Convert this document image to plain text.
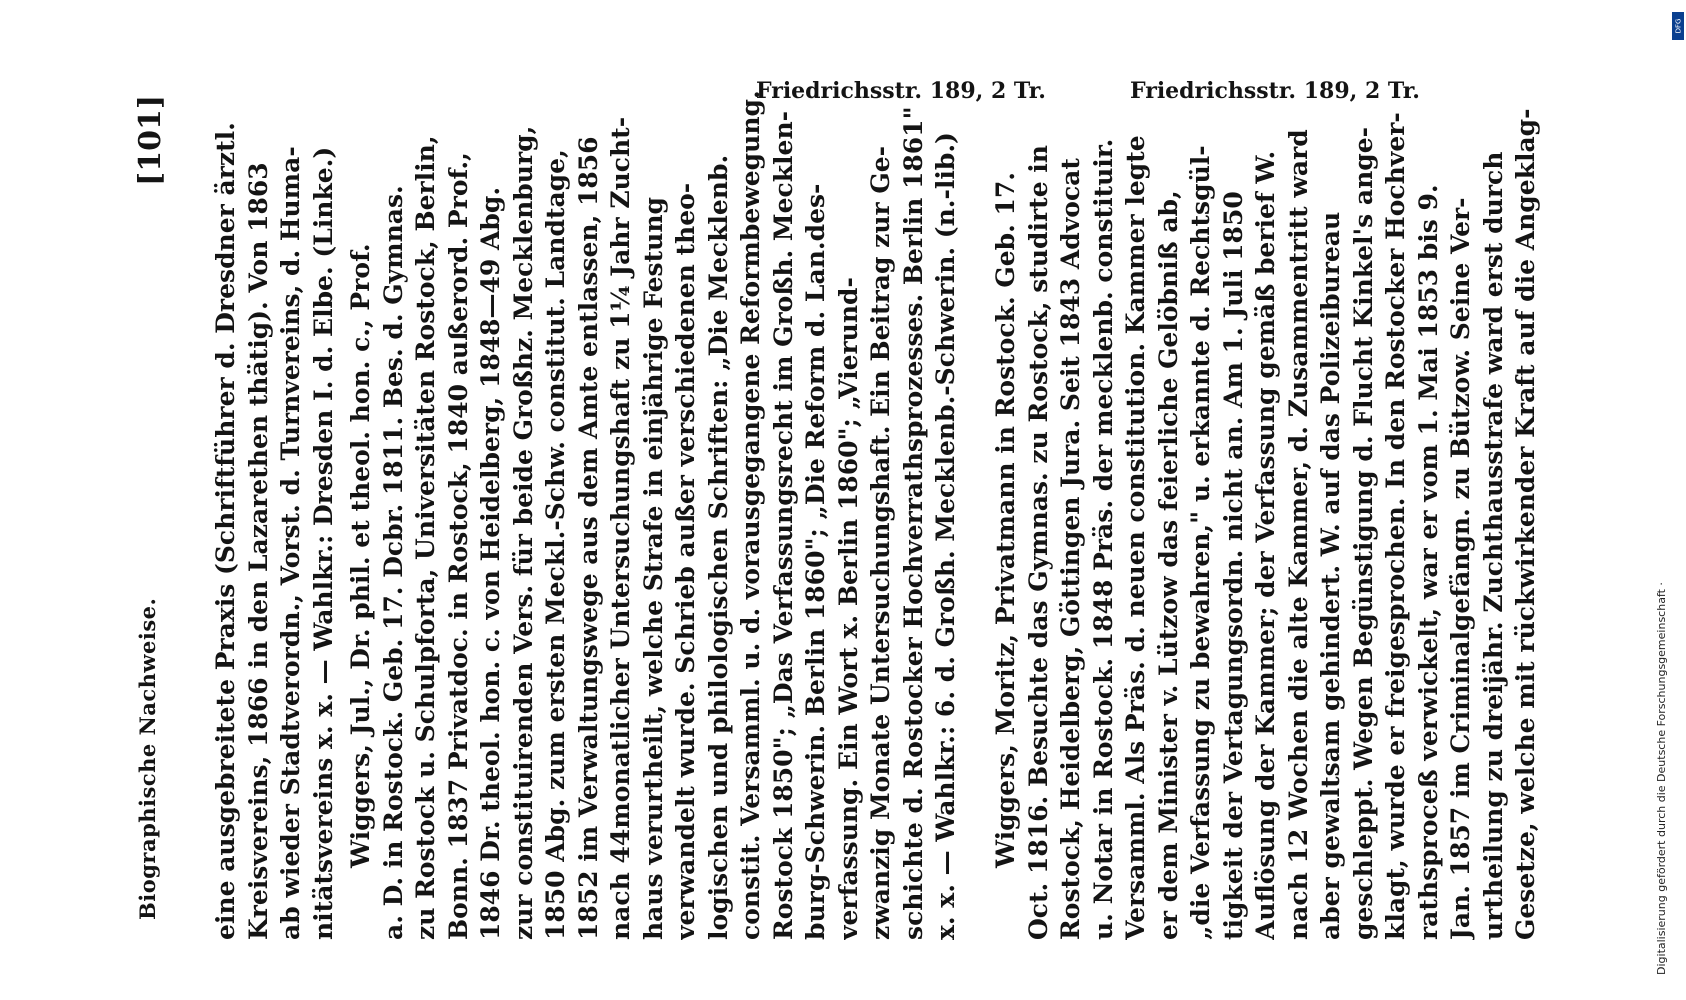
Biographische Nachweise.
[101] eine ausgebreitete Praxis (Schriftführer d. Dresdner ärztl. Kreisvereins, 1866 in den Lazarethen thätig). Von 1863 ab wieder Stadtverordn., Vorst. d. Turnvereins, d. Huma- nitätsvereins x. x. — Wahlkr.: Dresden I. d. Elbe. (Linke.) Wiggers, Jul., Dr. phil. et theol. hon. c., Prof. a. D. in Rostock. Geb. 17. Dcbr. 1811. Bes. d. Gymnas. zu Rostock u. Schulpforta, Universitäten Rostock, Berlin, Bonn. 1837 Privatdoc. in Rostock, 1840 außerord. Prof., 1846 Dr. theol. hon. c. von Heidelberg, 1848—49 Abg. zur constituirenden Vers. für beide Großhz. Mecklenburg, 1850 Abg. zum ersten Meckl.-Schw. constitut. Landtage, 1852 im Verwaltungswege aus dem Amte entlassen, 1856 nach 44monatlicher Untersuchungshaft zu 1¼ Jahr Zucht- haus verurtheilt, welche Strafe in einjährige Festung verwandelt wurde. Schrieb außer verschiedenen theo- logischen und philologischen Schriften: „Die Mecklenb. constit. Versamml. u. d. vorausgegangene Reformbewegung. Rostock 1850"; „Das Verfassungsrecht im Großh. Mecklen- burg-Schwerin. Berlin 1860"; „Die Reform d. Lan.des- verfassung. Ein Wort x. Berlin 1860"; „Vierund- zwanzig Monate Untersuchungshaft. Ein Beitrag zur Ge- schichte d. Rostocker Hochverrathsprozesses. Berlin 1861" x. x. — Wahlkr.: 6. d. Großh. Mecklenb.-Schwerin. (n.-lib.) Wiggers, Moritz, Privatmann in Rostock. Geb. 17. Oct. 1816. Besuchte das Gymnas. zu Rostock, studirte in Rostock, Heidelberg, Göttingen Jura. Seit 1843 Advocat u. Notar in Rostock. 1848 Präs. der mecklenb. constituir. Versamml. Als Präs. d. neuen constitution. Kammer legte er dem Minister v. Lützow das feierliche Gelöbniß ab, „die Verfassung zu bewahren," u. erkannte d. Rechtsgül- tigkeit der Vertagungsordn. nicht an. Am 1. Juli 1850 Auflösung der Kammer; der Verfassung gemäß berief W. nach 12 Wochen die alte Kammer, d. Zusammentritt ward aber gewaltsam gehindert. W. auf das Polizeibureau geschleppt. Wegen Begünstigung d. Flucht Kinkel's ange- klagt, wurde er freigesprochen. In den Rostocker Hochver- rathsproceß verwickelt, war er vom 1. Mai 1853 bis 9. Jan. 1857 im Criminalgefängn. zu Bützow. Seine Ver- urtheilung zu dreijähr. Zuchthausstrafe ward erst durch Gesetze, welche mit rückwirkender Kraft auf die Angeklag-
Friedrichsstr. 189, 2 Tr.	Friedrichsstr. 189, 2 Tr.
Digitalisierung gefördert durch die Deutsche Forschungsgemeinschaft ·
DFG
